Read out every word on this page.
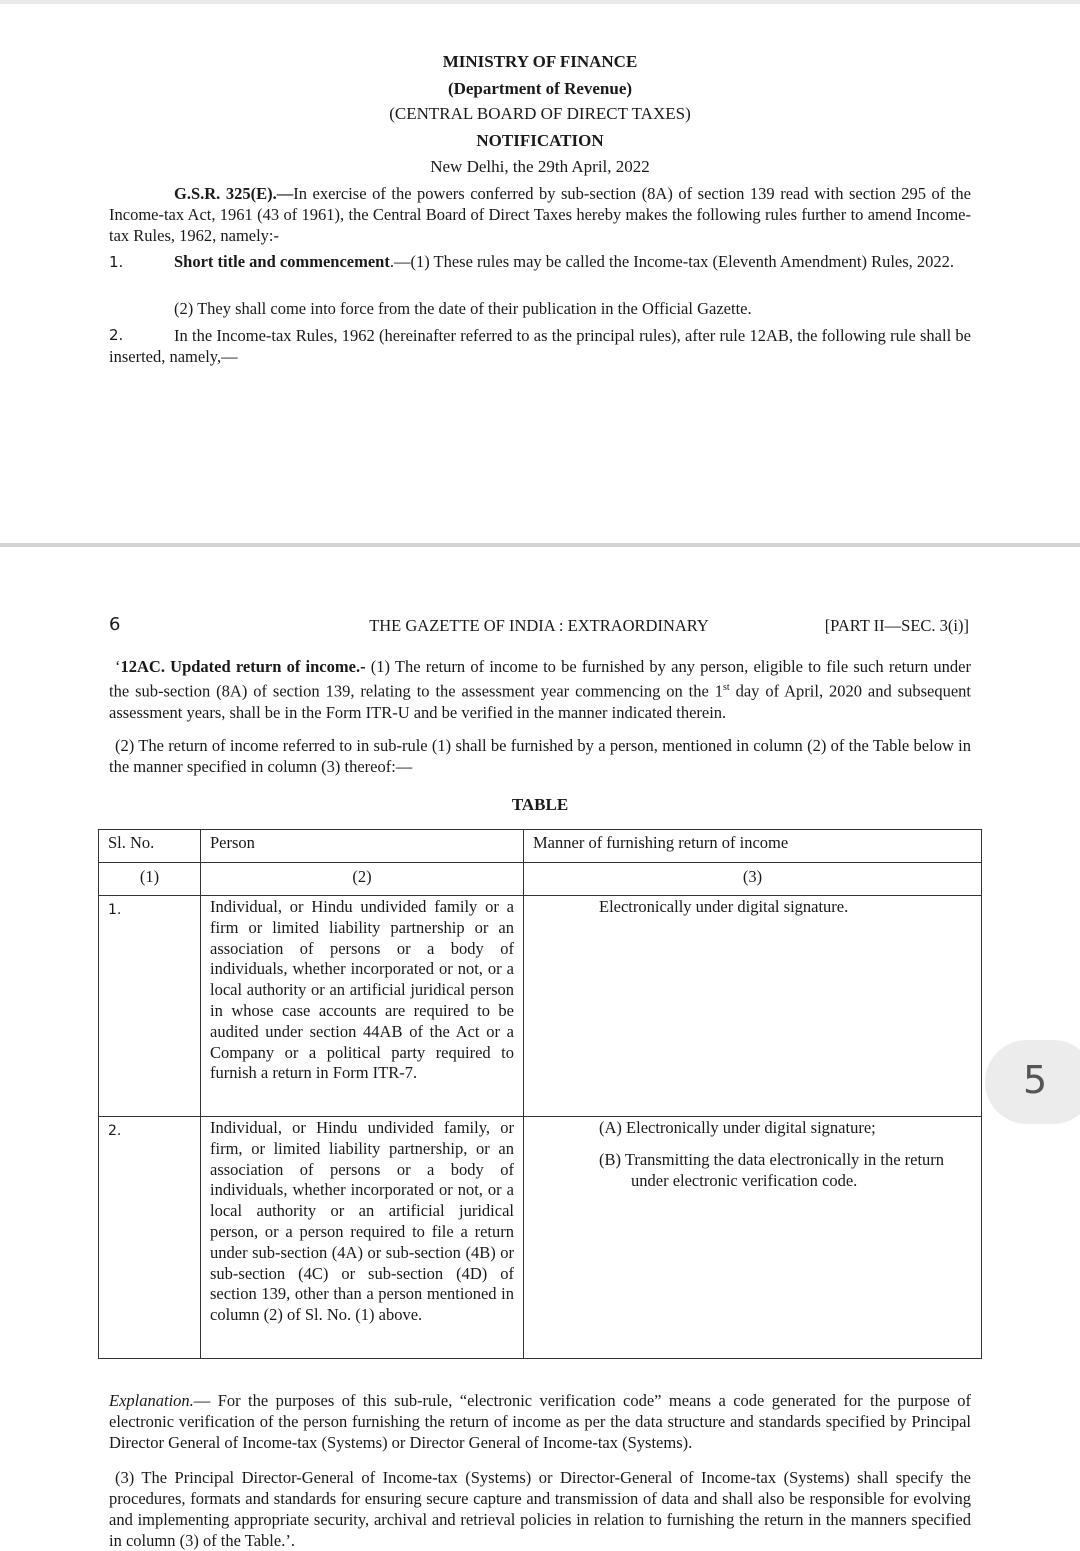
MINISTRY OF FINANCE
(Department of Revenue)
(CENTRAL BOARD OF DIRECT TAXES)
NOTIFICATION
New Delhi, the 29th April, 2022
G.S.R. 325(E).—In exercise of the powers conferred by sub-section (8A) of section 139 read with section 295 of the Income-tax Act, 1961 (43 of 1961), the Central Board of Direct Taxes hereby makes the following rules further to amend Income-tax Rules, 1962, namely:-
1.	Short title and commencement.—(1) These rules may be called the Income-tax (Eleventh Amendment) Rules, 2022.
(2) They shall come into force from the date of their publication in the Official Gazette.
2.	In the Income-tax Rules, 1962 (hereinafter referred to as the principal rules), after rule 12AB, the following rule shall be inserted, namely,—
THE GAZETTE OF INDIA : EXTRAORDINARY
6	[PART II—SEC. 3(i)]
‘12AC. Updated return of income.- (1) The return of income to be furnished by any person, eligible to file such return under the sub-section (8A) of section 139, relating to the assessment year commencing on the 1st day of April, 2020 and subsequent assessment years, shall be in the Form ITR-U and be verified in the manner indicated therein.
(2) The return of income referred to in sub-rule (1) shall be furnished by a person, mentioned in column (2) of the Table below in the manner specified in column (3) thereof:—
TABLE
Sl. No.	Person	Manner of furnishing return of income
(1)	(2)	(3)
1.	Individual, or Hindu undivided family or a firm or limited liability partnership or an association of persons or a body of individuals, whether incorporated or not, or a local authority or an artificial juridical person in whose case accounts are required to be audited under section 44AB of the Act or a Company or a political party required to furnish a return in Form ITR-7.	Electronically under digital signature.
2.	Individual, or Hindu undivided family, or firm, or limited liability partnership, or an association of persons or a body of individuals, whether incorporated or not, or a local authority or an artificial juridical person, or a person required to file a return under sub-section (4A) or sub-section (4B) or sub-section (4C) or sub-section (4D) of section 139, other than a person mentioned in column (2) of Sl. No. (1) above.	(A) Electronically under digital signature;
(B) Transmitting the data electronically in the return under electronic verification code.
Explanation.— For the purposes of this sub-rule, “electronic verification code” means a code generated for the purpose of electronic verification of the person furnishing the return of income as per the data structure and standards specified by Principal Director General of Income-tax (Systems) or Director General of Income-tax (Systems).
(3) The Principal Director-General of Income-tax (Systems) or Director-General of Income-tax (Systems) shall specify the procedures, formats and standards for ensuring secure capture and transmission of data and shall also be responsible for evolving and implementing appropriate security, archival and retrieval policies in relation to furnishing the return in the manners specified in column (3) of the Table.’.
5
